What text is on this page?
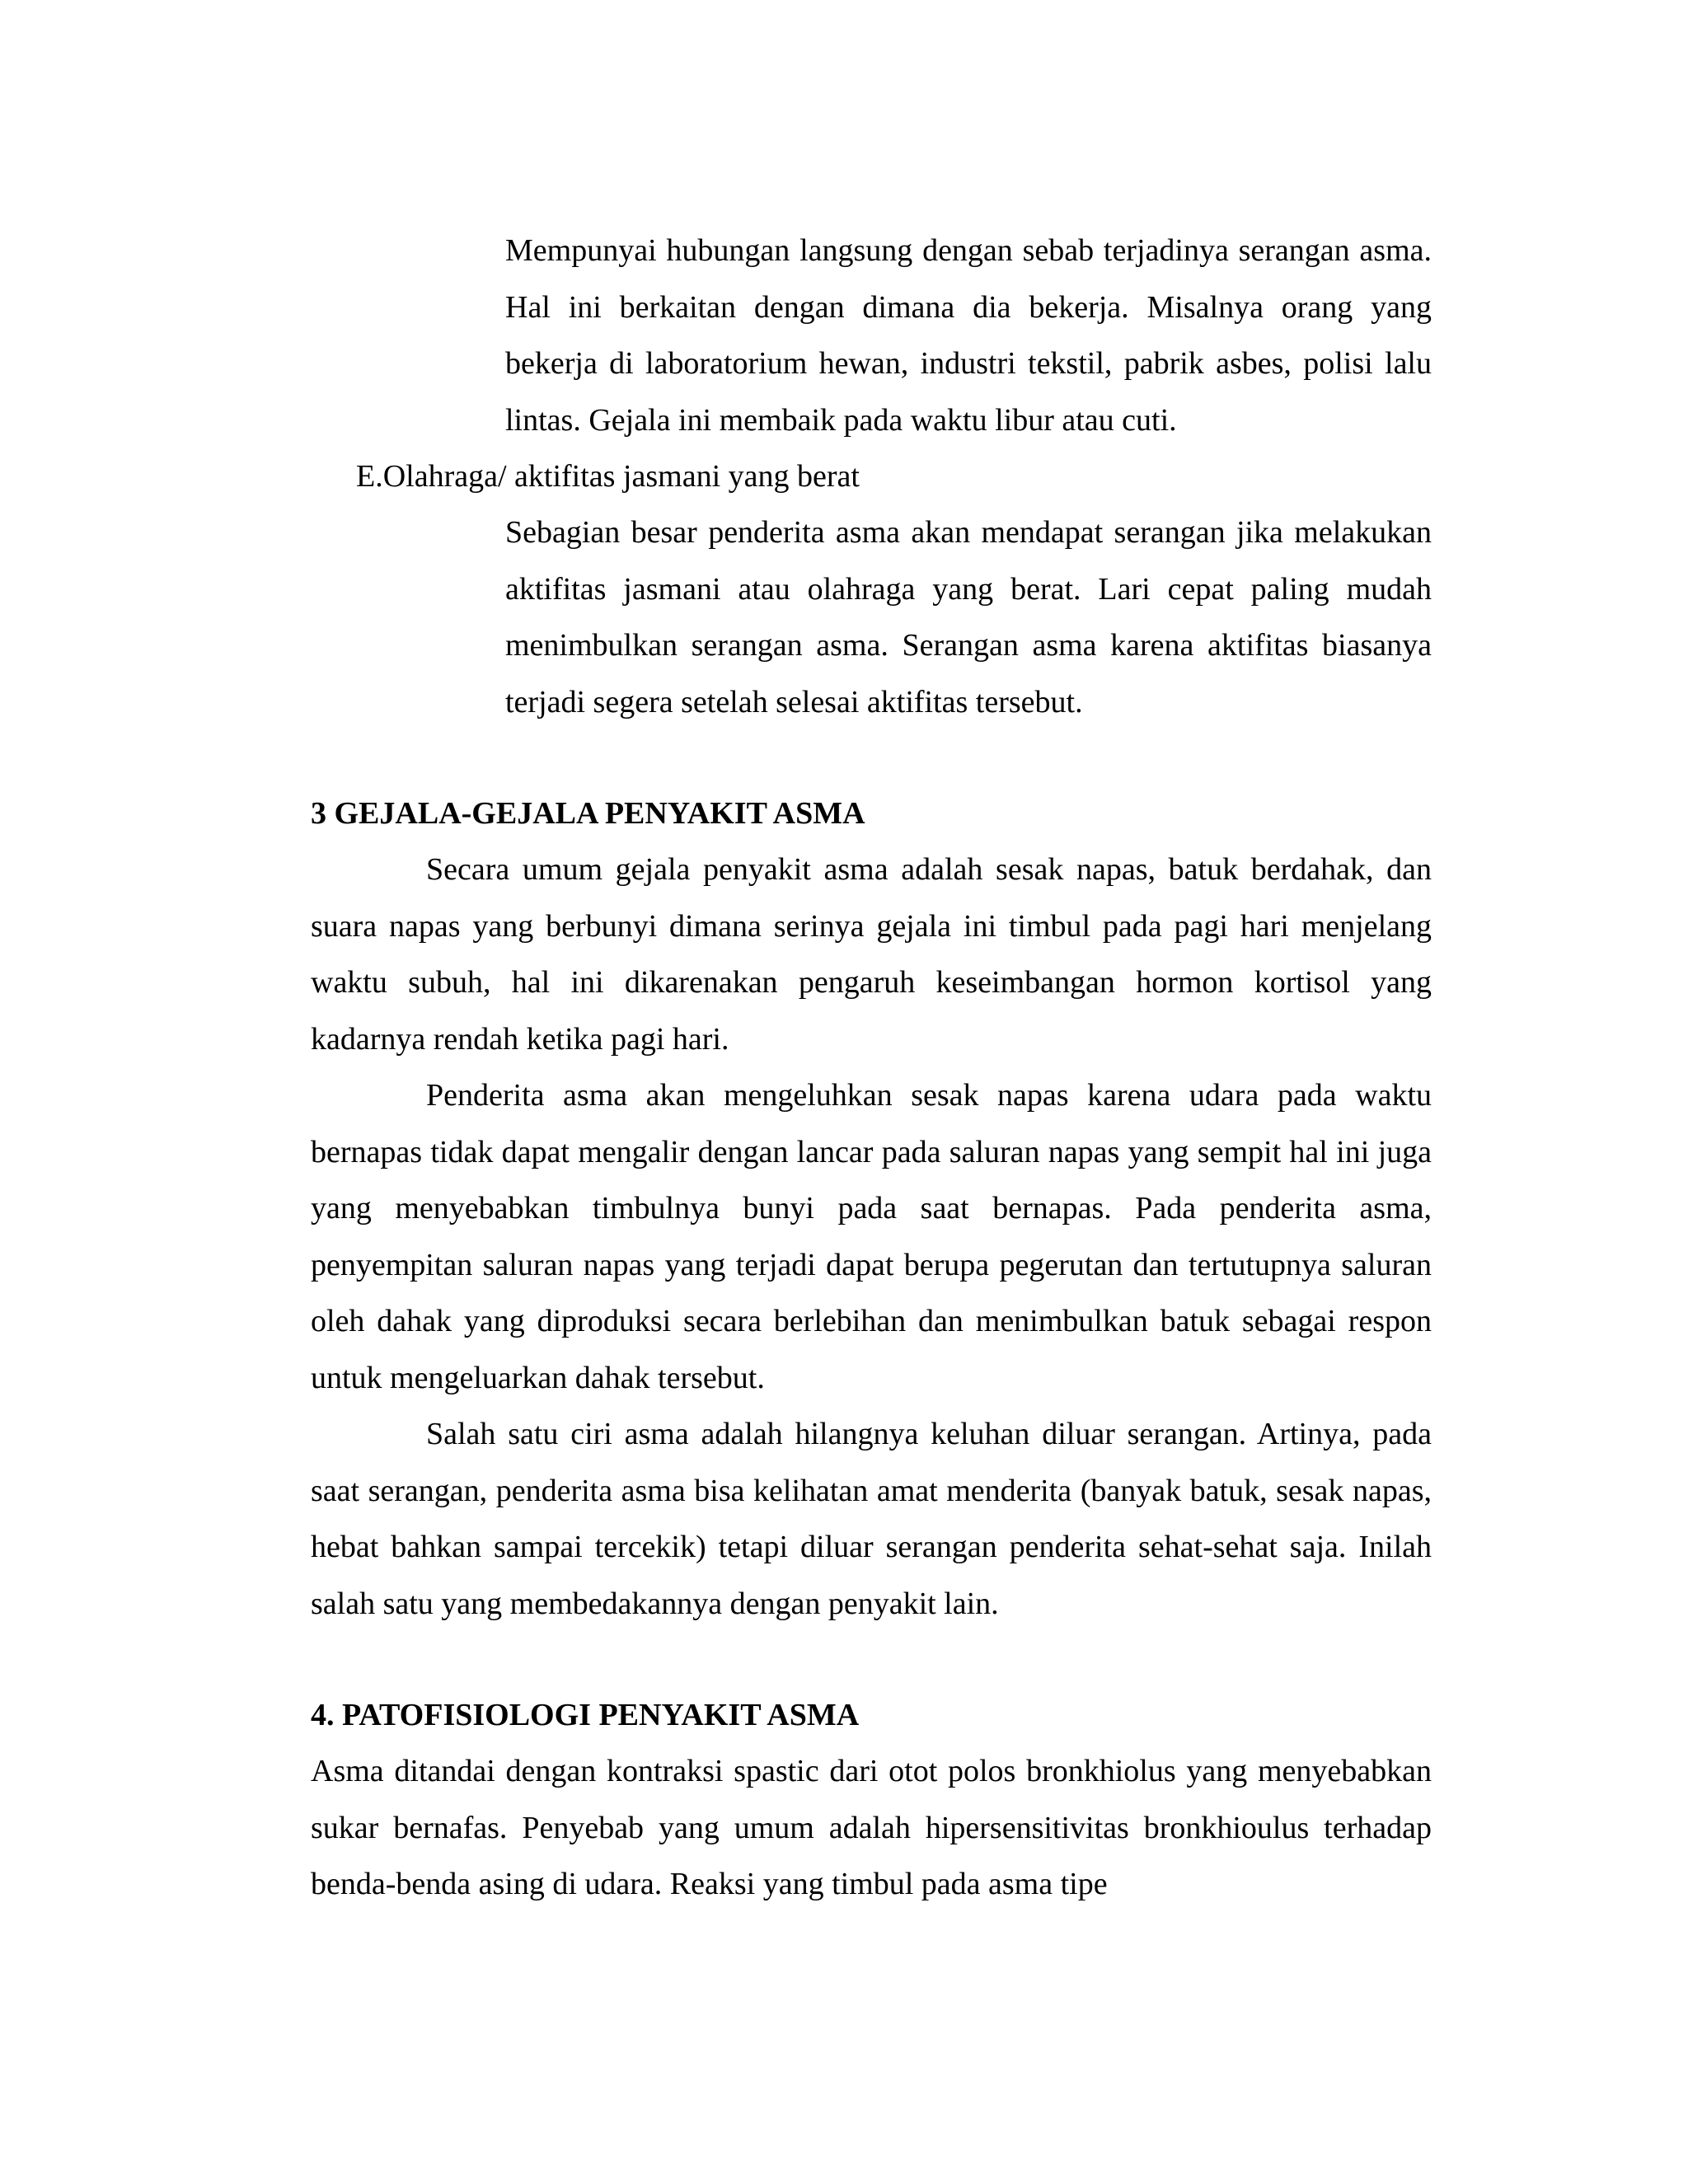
Mempunyai hubungan langsung dengan sebab terjadinya serangan asma. Hal ini berkaitan dengan dimana dia bekerja. Misalnya orang yang bekerja di laboratorium hewan, industri tekstil, pabrik asbes, polisi lalu lintas. Gejala ini membaik pada waktu libur atau cuti.

E.Olahraga/ aktifitas jasmani yang berat

Sebagian besar penderita asma akan mendapat serangan jika melakukan aktifitas jasmani atau olahraga yang berat. Lari cepat paling mudah menimbulkan serangan asma. Serangan asma karena aktifitas biasanya terjadi segera setelah selesai aktifitas tersebut.

3 GEJALA-GEJALA PENYAKIT ASMA

Secara umum gejala penyakit asma adalah sesak napas, batuk berdahak, dan suara napas yang berbunyi dimana serinya gejala ini timbul pada pagi hari menjelang waktu subuh, hal ini dikarenakan pengaruh keseimbangan hormon kortisol yang kadarnya rendah ketika pagi hari.

Penderita asma akan mengeluhkan sesak napas karena udara pada waktu bernapas tidak dapat mengalir dengan lancar pada saluran napas yang sempit hal ini juga yang menyebabkan timbulnya bunyi pada saat bernapas. Pada penderita asma, penyempitan saluran napas yang terjadi dapat berupa pegerutan dan tertutupnya saluran oleh dahak yang diproduksi secara berlebihan dan menimbulkan batuk sebagai respon untuk mengeluarkan dahak tersebut.

Salah satu ciri asma adalah hilangnya keluhan diluar serangan. Artinya, pada saat serangan, penderita asma bisa kelihatan amat menderita (banyak batuk, sesak napas, hebat bahkan sampai tercekik) tetapi diluar serangan penderita sehat-sehat saja. Inilah salah satu yang membedakannya dengan penyakit lain.

4. PATOFISIOLOGI PENYAKIT ASMA

Asma ditandai dengan kontraksi spastic dari otot polos bronkhiolus yang menyebabkan sukar bernafas. Penyebab yang umum adalah hipersensitivitas bronkhioulus terhadap benda-benda asing di udara. Reaksi yang timbul pada asma tipe
